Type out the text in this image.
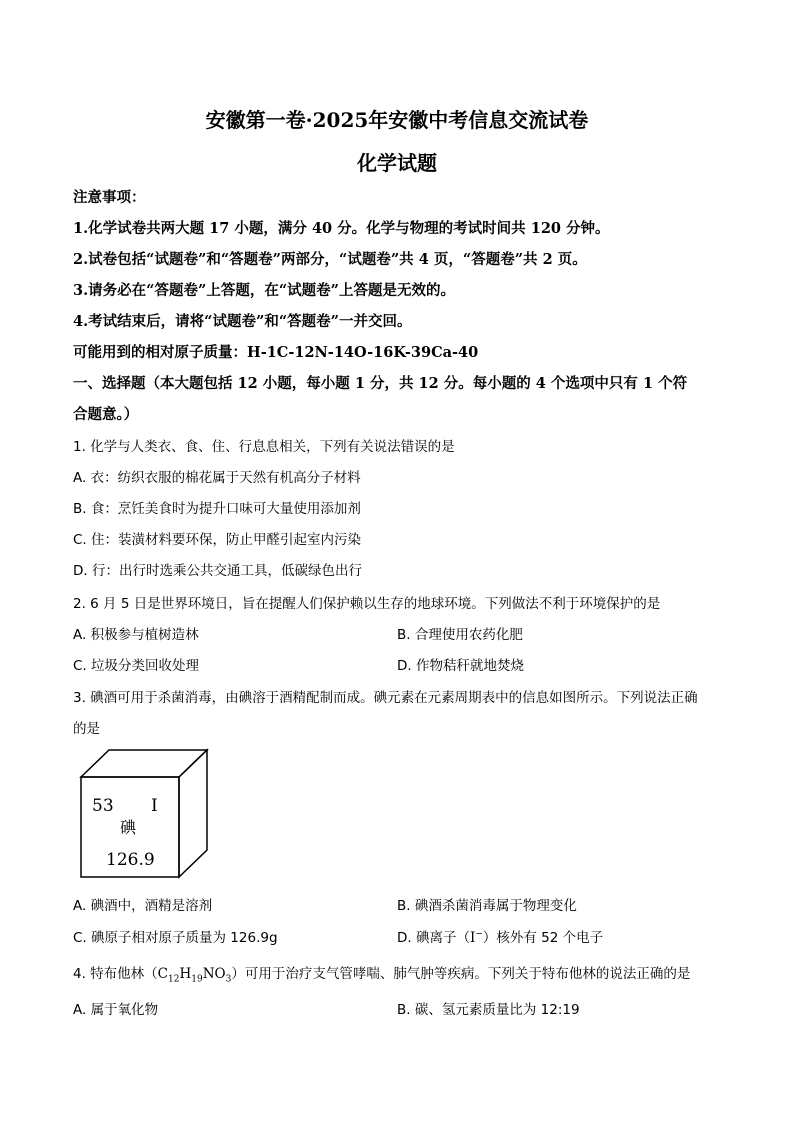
安徽第一卷·2025年安徽中考信息交流试卷
化学试题
注意事项：
1.化学试卷共两大题 17 小题，满分 40 分。化学与物理的考试时间共 120 分钟。
2.试卷包括“试题卷”和“答题卷”两部分，“试题卷”共 4 页，“答题卷”共 2 页。
3.请务必在“答题卷”上答题，在“试题卷”上答题是无效的。
4.考试结束后，请将“试题卷”和“答题卷”一并交回。
可能用到的相对原子质量：H-1C-12N-14O-16K-39Ca-40
一、选择题（本大题包括 12 小题，每小题 1 分，共 12 分。每小题的 4 个选项中只有 1 个符
合题意。）
1. 化学与人类衣、食、住、行息息相关，下列有关说法错误的是
A. 衣：纺织衣服的棉花属于天然有机高分子材料
B. 食：烹饪美食时为提升口味可大量使用添加剂
C. 住：装潢材料要环保，防止甲醛引起室内污染
D. 行：出行时选乘公共交通工具，低碳绿色出行
2. 6 月 5 日是世界环境日，旨在提醒人们保护赖以生存的地球环境。下列做法不利于环境保护的是
A. 积极参与植树造林	B. 合理使用农药化肥
C. 垃圾分类回收处理	D. 作物秸秆就地焚烧
3. 碘酒可用于杀菌消毒，由碘溶于酒精配制而成。碘元素在元素周期表中的信息如图所示。下列说法正确
的是
53 I
碘
126.9
A. 碘酒中，酒精是溶剂	B. 碘酒杀菌消毒属于物理变化
C. 碘原子相对原子质量为 126.9g	D. 碘离子（I−）核外有 52 个电子
4. 特布他林$(C_{12}H_{19}NO_3)$可用于治疗支气管哮喘、肺气肿等疾病。下列关于特布他林的说法正确的是
A. 属于氧化物	B. 碳、氢元素质量比为 12:19
